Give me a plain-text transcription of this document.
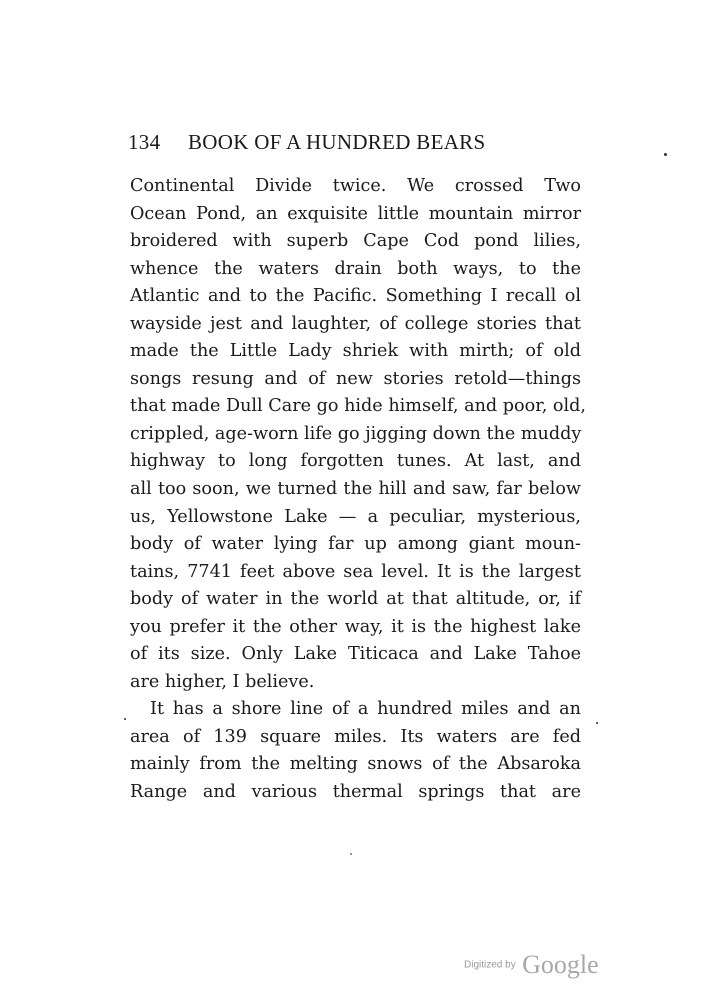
134 BOOK OF A HUNDRED BEARS
Continental Divide twice. We crossed Two
Ocean Pond, an exquisite little mountain mirror
broidered with superb Cape Cod pond lilies,
whence the waters drain both ways, to the
Atlantic and to the Pacific. Something I recall ol
wayside jest and laughter, of college stories that
made the Little Lady shriek with mirth; of old
songs resung and of new stories retold—things
that made Dull Care go hide himself, and poor, old,
crippled, age-worn life go jigging down the muddy
highway to long forgotten tunes. At last, and
all too soon, we turned the hill and saw, far below
us, Yellowstone Lake — a peculiar, mysterious,
body of water lying far up among giant moun-
tains, 7741 feet above sea level. It is the largest
body of water in the world at that altitude, or, if
you prefer it the other way, it is the highest lake
of its size. Only Lake Titicaca and Lake Tahoe
are higher, I believe.
It has a shore line of a hundred miles and an
area of 139 square miles. Its waters are fed
mainly from the melting snows of the Absaroka
Range and various thermal springs that are
Digitized by Google
